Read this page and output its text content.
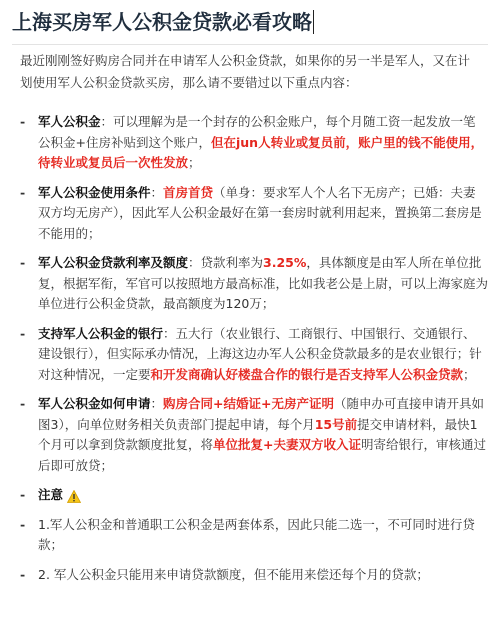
上海买房军人公积金贷款必看攻略

最近刚刚签好购房合同并在申请军人公积金贷款，如果你的另一半是军人，又在计划使用军人公积金贷款买房，那么请不要错过以下重点内容：

- 军人公积金：可以理解为是一个封存的公积金账户，每个月随工资一起发放一笔公积金+住房补贴到这个账户，但在jun人转业或复员前，账户里的钱不能使用，待转业或复员后一次性发放；
- 军人公积金使用条件：首房首贷（单身：要求军人个人名下无房产；已婚：夫妻双方均无房产），因此军人公积金最好在第一套房时就利用起来，置换第二套房是不能用的；
- 军人公积金贷款利率及额度：贷款利率为3.25%，具体额度是由军人所在单位批复，根据军衔，军官可以按照地方最高标准，比如我老公是上尉，可以上海家庭为单位进行公积金贷款，最高额度为120万；
- 支持军人公积金的银行：五大行（农业银行、工商银行、中国银行、交通银行、建设银行），但实际承办情况，上海这边办军人公积金贷款最多的是农业银行；针对这种情况，一定要和开发商确认好楼盘合作的银行是否支持军人公积金贷款；
- 军人公积金如何申请：购房合同+结婚证+无房产证明（随申办可直接申请开具如图3），向单位财务相关负责部门提起申请，每个月15号前提交申请材料，最快1个月可以拿到贷款额度批复，将单位批复+夫妻双方收入证明寄给银行，审核通过后即可放贷；
- 注意
- 1.军人公积金和普通职工公积金是两套体系，因此只能二选一，不可同时进行贷款；
- 2. 军人公积金只能用来申请贷款额度，但不能用来偿还每个月的贷款；
